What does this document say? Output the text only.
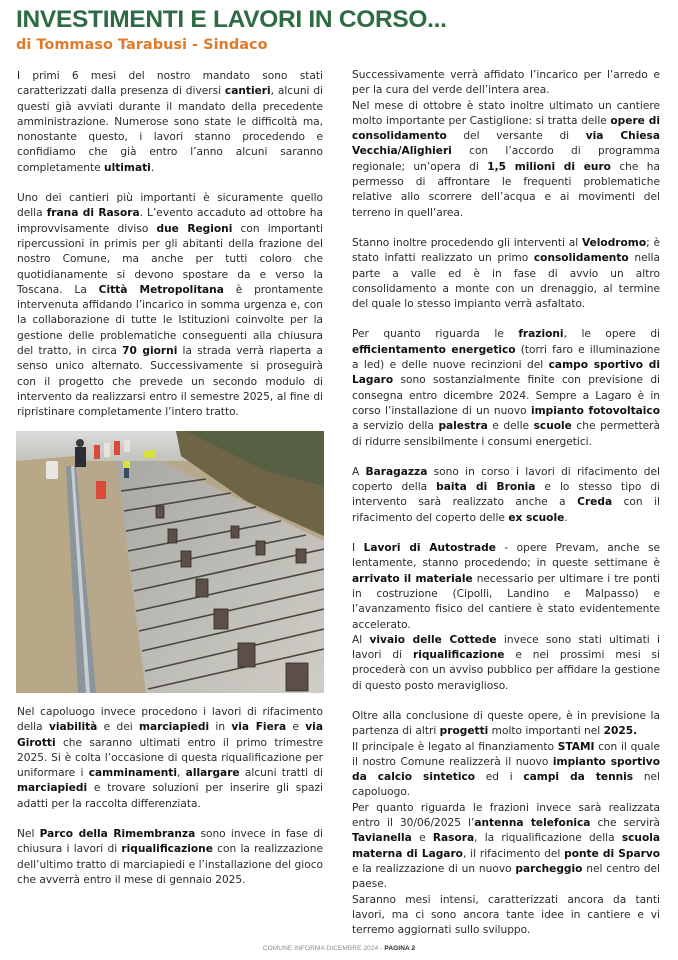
INVESTIMENTI E LAVORI IN CORSO...
di Tommaso Tarabusi - Sindaco

I primi 6 mesi del nostro mandato sono stati caratterizzati dalla presenza di diversi cantieri, alcuni di questi già avviati durante il mandato della precedente amministrazione. Numerose sono state le difficoltà ma, nonostante questo, i lavori stanno procedendo e confidiamo che già entro l’anno alcuni saranno completamente ultimati.

Uno dei cantieri più importanti è sicuramente quello della frana di Rasora. L’evento accaduto ad ottobre ha improvvisamente diviso due Regioni con importanti ripercussioni in primis per gli abitanti della frazione del nostro Comune, ma anche per tutti coloro che quotidianamente si devono spostare da e verso la Toscana. La Città Metropolitana è prontamente intervenuta affidando l’incarico in somma urgenza e, con la collaborazione di tutte le Istituzioni coinvolte per la gestione delle problematiche conseguenti alla chiusura del tratto, in circa 70 giorni la strada verrà riaperta a senso unico alternato. Successivamente si proseguirà con il progetto che prevede un secondo modulo di intervento da realizzarsi entro il semestre 2025, al fine di ripristinare completamente l’intero tratto.

Nel capoluogo invece procedono i lavori di rifacimento della viabilità e dei marciapiedi in via Fiera e via Girotti che saranno ultimati entro il primo trimestre 2025. Si è colta l’occasione di questa riqualificazione per uniformare i camminamenti, allargare alcuni tratti di marciapiedi e trovare soluzioni per inserire gli spazi adatti per la raccolta differenziata.

Nel Parco della Rimembranza sono invece in fase di chiusura i lavori di riqualificazione con la realizzazione dell’ultimo tratto di marciapiedi e l’installazione del gioco che avverrà entro il mese di gennaio 2025.

Successivamente verrà affidato l’incarico per l’arredo e per la cura del verde dell’intera area.

Nel mese di ottobre è stato inoltre ultimato un cantiere molto importante per Castiglione: si tratta delle opere di consolidamento del versante di via Chiesa Vecchia/Alighieri con l’accordo di programma regionale; un’opera di 1,5 milioni di euro che ha permesso di affrontare le frequenti problematiche relative allo scorrere dell’acqua e ai movimenti del terreno in quell’area.

Stanno inoltre procedendo gli interventi al Velodromo; è stato infatti realizzato un primo consolidamento nella parte a valle ed è in fase di avvio un altro consolidamento a monte con un drenaggio, al termine del quale lo stesso impianto verrà asfaltato.

Per quanto riguarda le frazioni, le opere di efficientamento energetico (torri faro e illuminazione a led) e delle nuove recinzioni del campo sportivo di Lagaro sono sostanzialmente finite con previsione di consegna entro dicembre 2024. Sempre a Lagaro è in corso l’installazione di un nuovo impianto fotovoltaico a servizio della palestra e delle scuole che permetterà di ridurre sensibilmente i consumi energetici.

A Baragazza sono in corso i lavori di rifacimento del coperto della baita di Bronia e lo stesso tipo di intervento sarà realizzato anche a Creda con il rifacimento del coperto delle ex scuole.

I Lavori di Autostrade - opere Prevam, anche se lentamente, stanno procedendo; in queste settimane è arrivato il materiale necessario per ultimare i tre ponti in costruzione (Cipolli, Landino e Malpasso) e l’avanzamento fisico del cantiere è stato evidentemente accelerato.

Al vivaio delle Cottede invece sono stati ultimati i lavori di riqualificazione e nei prossimi mesi si procederà con un avviso pubblico per affidare la gestione di questo posto meraviglioso.

Oltre alla conclusione di queste opere, è in previsione la partenza di altri progetti molto importanti nel 2025.

Il principale è legato al finanziamento STAMI con il quale il nostro Comune realizzerà il nuovo impianto sportivo da calcio sintetico ed i campi da tennis nel capoluogo.

Per quanto riguarda le frazioni invece sarà realizzata entro il 30/06/2025 l’antenna telefonica che servirà Tavianella e Rasora, la riqualificazione della scuola materna di Lagaro, il rifacimento del ponte di Sparvo e la realizzazione di un nuovo parcheggio nel centro del paese.

Saranno mesi intensi, caratterizzati ancora da tanti lavori, ma ci sono ancora tante idee in cantiere e vi terremo aggiornati sullo sviluppo.

COMUNE INFORMA DICEMBRE 2024 - PAGINA 2
